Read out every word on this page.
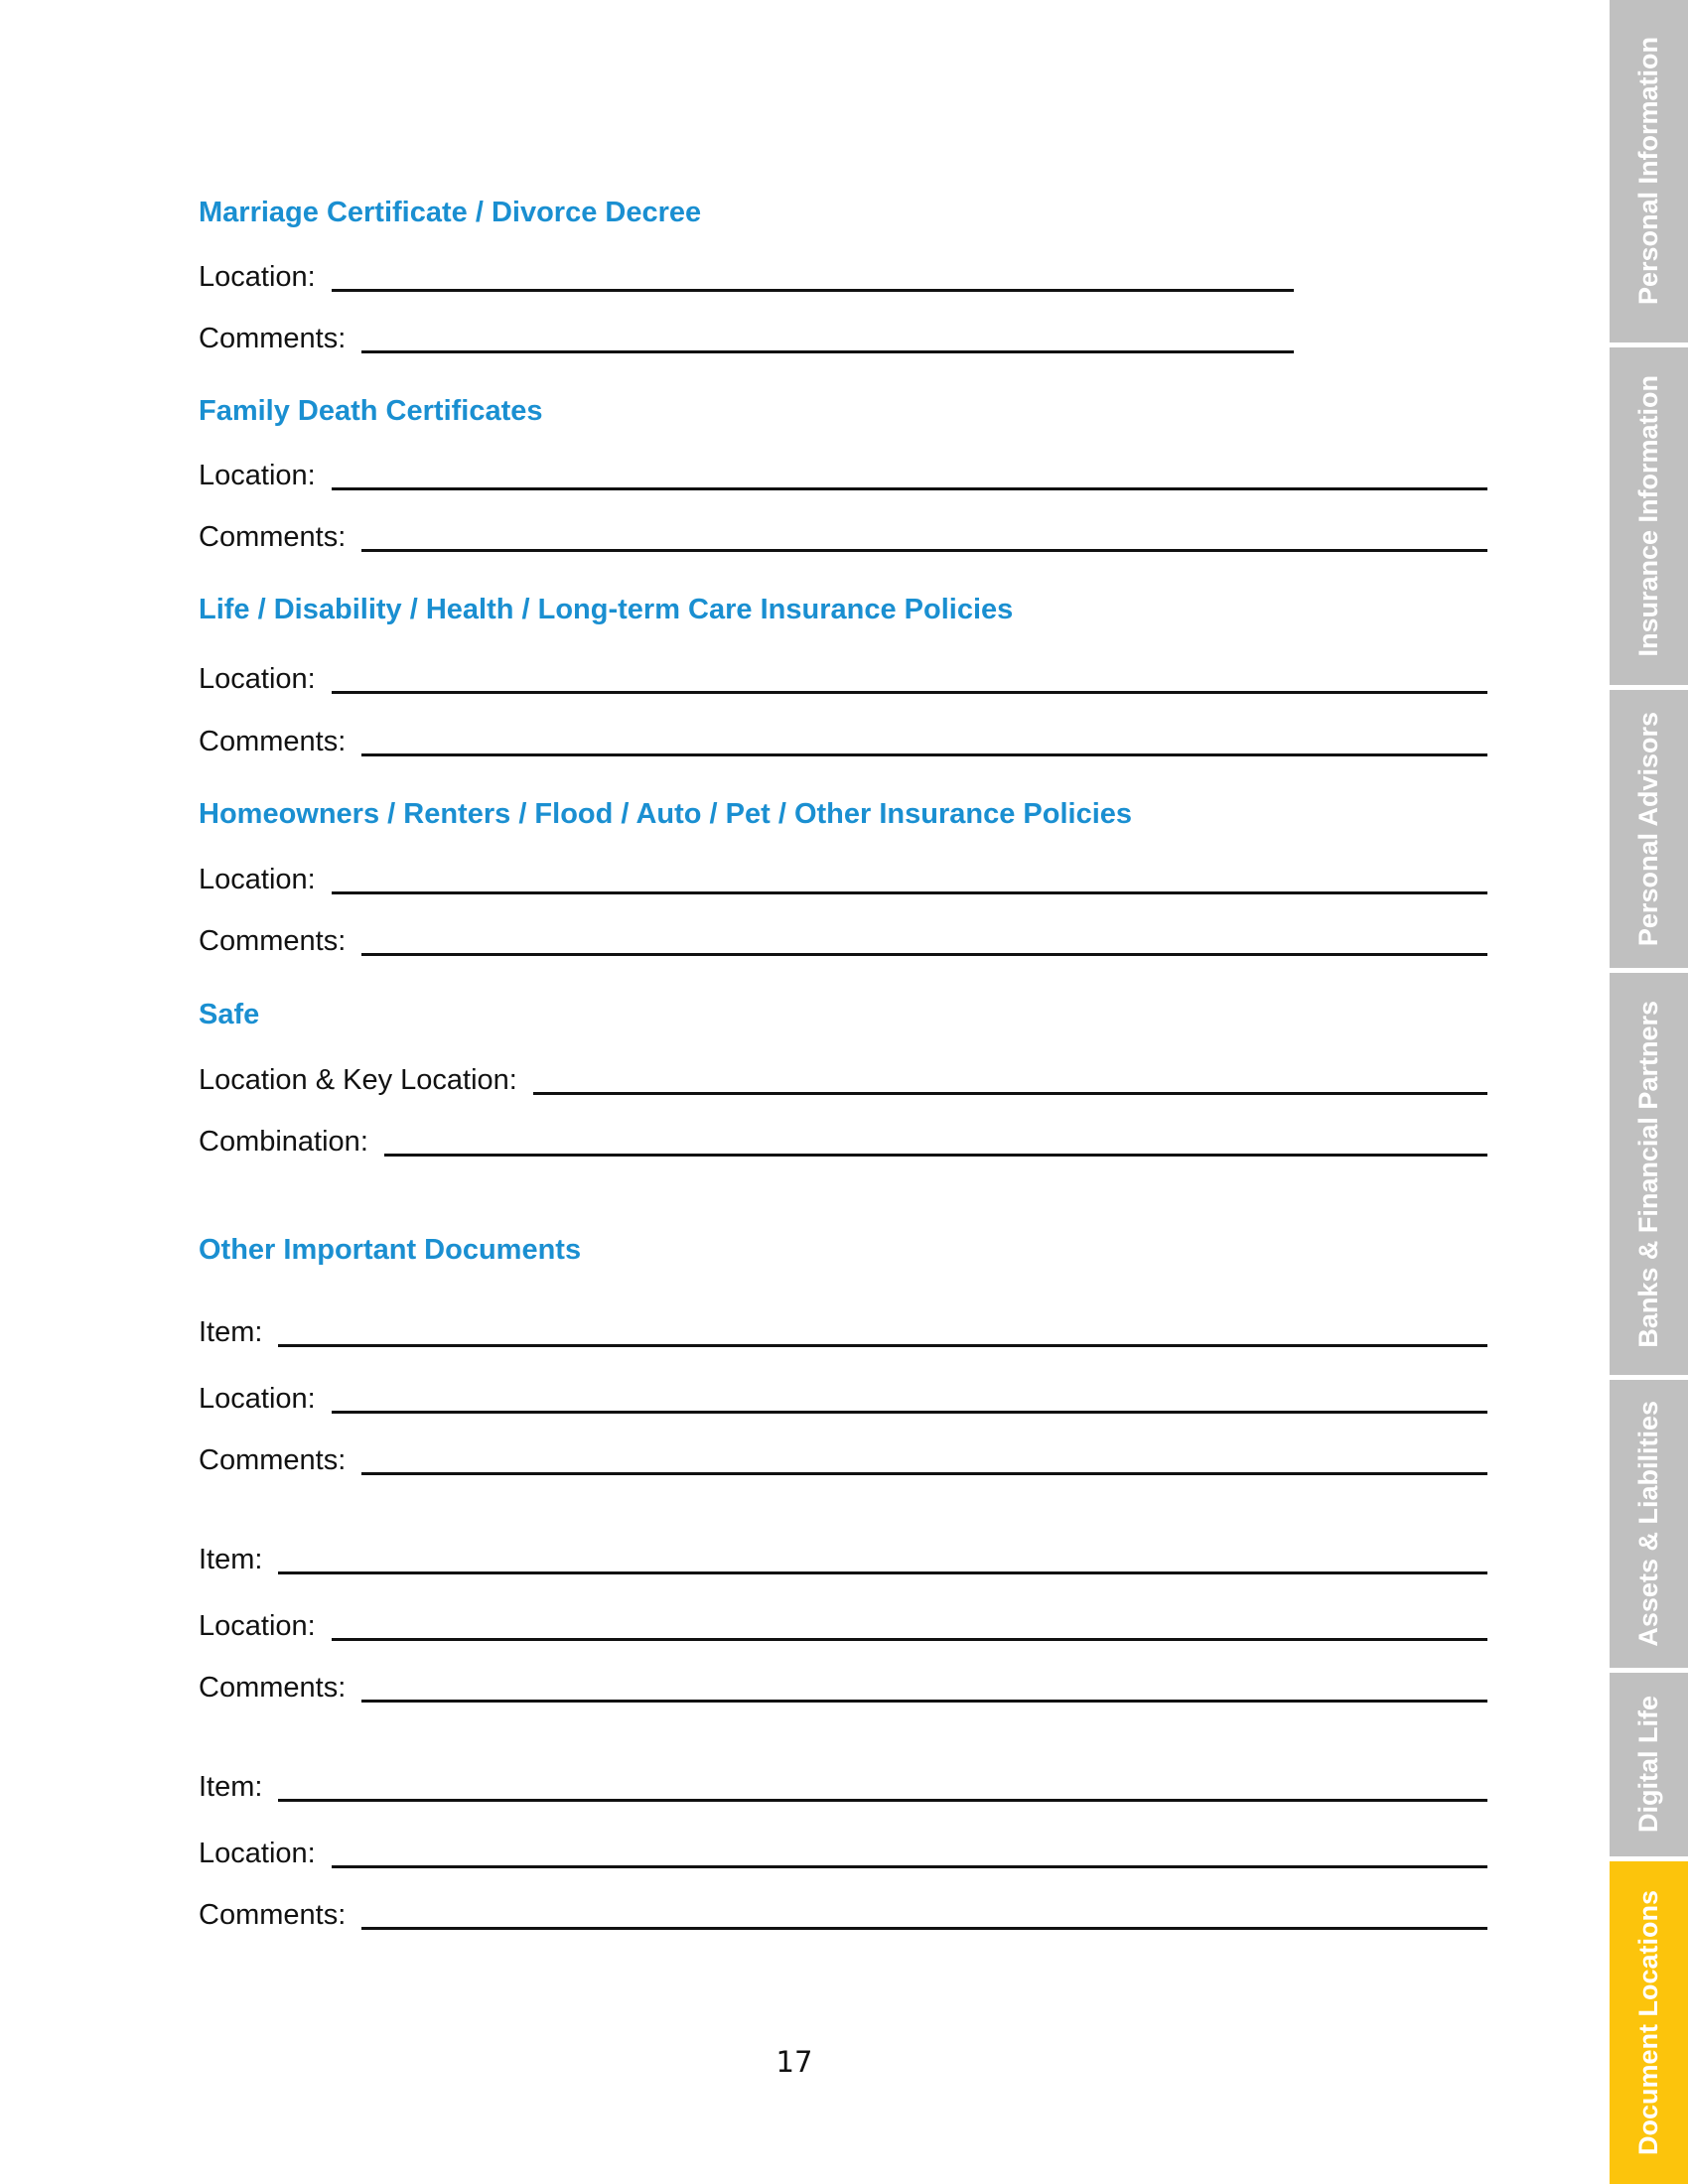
Marriage Certificate / Divorce Decree
Location:
Comments:
Family Death Certificates
Location:
Comments:
Life / Disability / Health / Long-term Care Insurance Policies
Location:
Comments:
Homeowners / Renters / Flood / Auto / Pet / Other Insurance Policies
Location:
Comments:
Safe
Location & Key Location:
Combination:
Other Important Documents
Item:
Location:
Comments:
Item:
Location:
Comments:
Item:
Location:
Comments:
17
Personal Information
Insurance Information
Personal Advisors
Banks & Financial Partners
Assets & Liabilities
Digital Life
Document Locations
